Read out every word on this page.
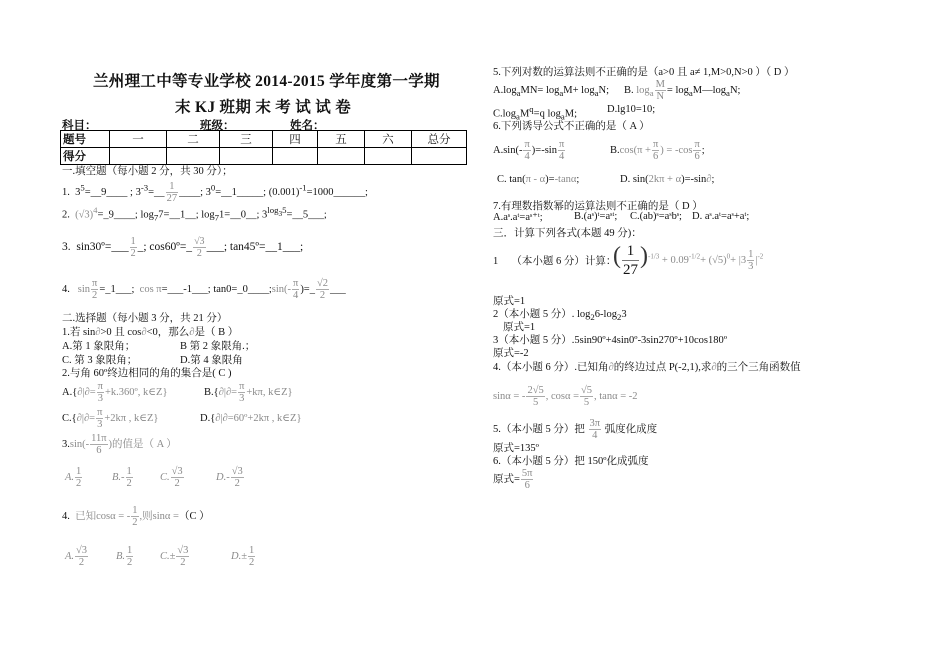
兰州理工中等专业学校 2014-2015 学年度第一学期
末 KJ 班期 末 考 试 试 卷
科目：	班级：	姓名：
题号	一	二	三	四	五	六	总分
得分							
一.填空题（每小题 2 分，共 30 分）；
1. $3^5=\_\_9\_\_\_\_$ ; $3^{-3}=\_\_ \frac{1}{27}$ ____; $3^0=\_\_1\_\_\_\_\_$; $(0.001)^{-1}=1000\_\_\_\_\_\_$;
2. $(√3)^4=\_9\_\_\_\_$; $\log_77=\_\_1\_\_$; $\log_71=\_\_0\_\_$; $3^{log_35}=\_\_5\_\_\_$;
3. sin30º=___ $\frac{1}{2}$ _; cos60º=_ $\frac{√3}{2}$ ___; tan45º=__1___;
4. $\sin \frac{\pi}{2}$ =_1___; cos π=___-1___; tan0=_0____;sin(- $\frac{\pi}{4}$ )=_ $\frac{√2}{2}$ ___
二.选择题（每小题 3 分，共 21 分）
1.若 sin∂>0 且 cos∂<0，那么∂是（ B ）
A.第 1 象限角；	B 第 2 象限角.；
C. 第 3 象限角；	D.第 4 象限角
2.与角 60º终边相同的角的集合是( C )
$A.\{\partial|\partial= \frac{\pi}{3}$ +k.360º, k∈Z}	$B.\{\partial|\partial= \frac{\pi}{3} +k\pi$, k∈Z}
$C.\{\partial|\partial= \frac{\pi}{3} +2k\pi$ , k∈Z}	D.{∂|∂=60º+2kπ , k∈Z}
$3.\sin(- \frac{11\pi}{6}$ )的值是（ A ）
A. $\frac{1}{2}$	$B.- \frac{1}{2}$	C. $\frac{√3}{2}$	$D.- \frac{√3}{2}$
4. 已知cosα = - $\frac{1}{2}$ ,则sinα =（C ）
A. $\frac{√3}{2}$	B. $\frac{1}{2}$	$C.\pm \frac{√3}{2}$	$D.\pm \frac{1}{2}$
5.下列对数的运算法则不正确的是（a>0 且 a≠ 1,M>0,N>0 ）（ D ）
$A.\log_aMN= \log_aM+ \log_aN$; B. $\log_a \frac{M}{N}$ = $\log_aM—\log_aN$;
$C.\log_aM^q=q$ $\log_aM$;	D.lg10=10;
6.下列诱导公式不正确的是（ A ）
$A.\sin(- \frac{\pi}{4} )=-\sin \frac{\pi}{4}$	$B.\cos(\pi + \frac{\pi}{6}$ ) = $-\cos \frac{\pi}{6}$ ;
C. tan(π - α)=-tanα;	D. sin(2kπ + α)=-sin∂;
7.有理数指数幂的运算法则不正确的是（ D ）
A.aˢ.aᵗ=aˢ⁺ᵗ;	B.(aˢ)ᵗ=aˢᵗ; C.(ab)ˢ=aˢbˢ; D. aˢ.aᵗ=aˢ+aᵗ;
三．计算下列各式(本题 49 分)：
1 （本小题 6 分）计算：
( $\frac{1}{27} )^{-1/3} + 0.09^{-1/2}+ (√5)^0+ |3 \frac{1}{3} |^{-2}$
原式=1
2（本小题 5 分）. $\log_26-\log_23$
原式=1
3（本小题 5 分）.5sin90º+4sin0º-3sin270º+10cos180º
原式=-2
4.（本小题 6 分）.已知角∂的终边过点 P(-2,1),求∂的三个三角函数值
sinα = - $\frac{2√5}{5}$ , $\cos\alpha = \frac{√5}{5}$ , tanα = -2
5.（本小题 5 分）把 $\frac{3\pi}{4}$ 弧度化成度
原式=135º
6.（本小题 5 分）把 150º化成弧度
原式= $\frac{5\pi}{6}$
